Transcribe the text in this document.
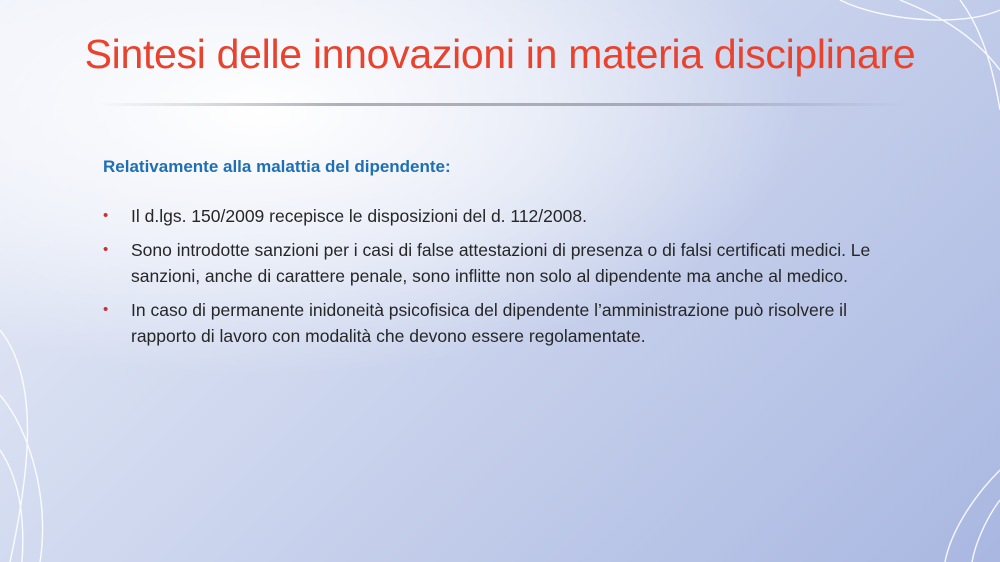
Sintesi delle innovazioni in materia disciplinare
Relativamente alla malattia del dipendente:
• Il d.lgs. 150/2009 recepisce le disposizioni del d. 112/2008.
• Sono introdotte sanzioni per i casi di false attestazioni di presenza o di falsi certificati medici. Le sanzioni, anche di carattere penale, sono inflitte non solo al dipendente ma anche al medico.
• In caso di permanente inidoneità psicofisica del dipendente l’amministrazione può risolvere il rapporto di lavoro con modalità che devono essere regolamentate.
